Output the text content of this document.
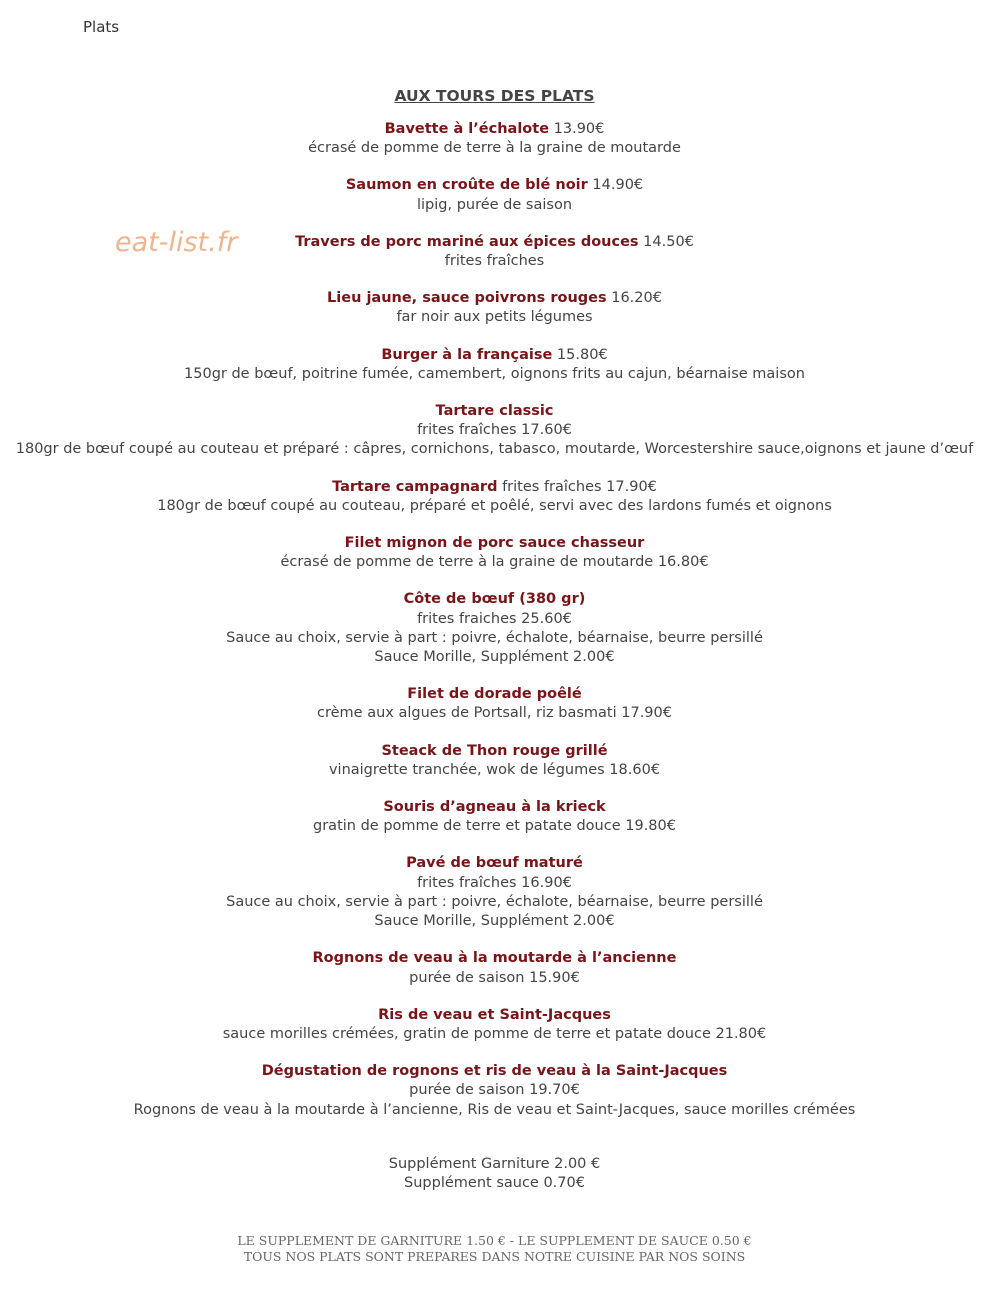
Plats
eat-list.fr
AUX TOURS DES PLATS
Bavette à l’échalote 13.90€
écrasé de pomme de terre à la graine de moutarde
Saumon en croûte de blé noir 14.90€
lipig, purée de saison
Travers de porc mariné aux épices douces 14.50€
frites fraîches
Lieu jaune, sauce poivrons rouges 16.20€
far noir aux petits légumes
Burger à la française 15.80€
150gr de bœuf, poitrine fumée, camembert, oignons frits au cajun, béarnaise maison
Tartare classic
frites fraîches 17.60€
180gr de bœuf coupé au couteau et préparé : câpres, cornichons, tabasco, moutarde, Worcestershire sauce,oignons et jaune d’œuf
Tartare campagnard frites fraîches 17.90€
180gr de bœuf coupé au couteau, préparé et poêlé, servi avec des lardons fumés et oignons
Filet mignon de porc sauce chasseur
écrasé de pomme de terre à la graine de moutarde 16.80€
Côte de bœuf (380 gr)
frites fraiches 25.60€
Sauce au choix, servie à part : poivre, échalote, béarnaise, beurre persillé
Sauce Morille, Supplément 2.00€
Filet de dorade poêlé
crème aux algues de Portsall, riz basmati 17.90€
Steack de Thon rouge grillé
vinaigrette tranchée, wok de légumes 18.60€
Souris d’agneau à la krieck
gratin de pomme de terre et patate douce 19.80€
Pavé de bœuf maturé
frites fraîches 16.90€
Sauce au choix, servie à part : poivre, échalote, béarnaise, beurre persillé
Sauce Morille, Supplément 2.00€
Rognons de veau à la moutarde à l’ancienne
purée de saison 15.90€
Ris de veau et Saint-Jacques
sauce morilles crémées, gratin de pomme de terre et patate douce 21.80€
Dégustation de rognons et ris de veau à la Saint-Jacques
purée de saison 19.70€
Rognons de veau à la moutarde à l’ancienne, Ris de veau et Saint-Jacques, sauce morilles crémées
Supplément Garniture 2.00 €
Supplément sauce 0.70€
LE SUPPLEMENT DE GARNITURE 1.50 € - LE SUPPLEMENT DE SAUCE 0.50 €
TOUS NOS PLATS SONT PREPARES DANS NOTRE CUISINE PAR NOS SOINS
